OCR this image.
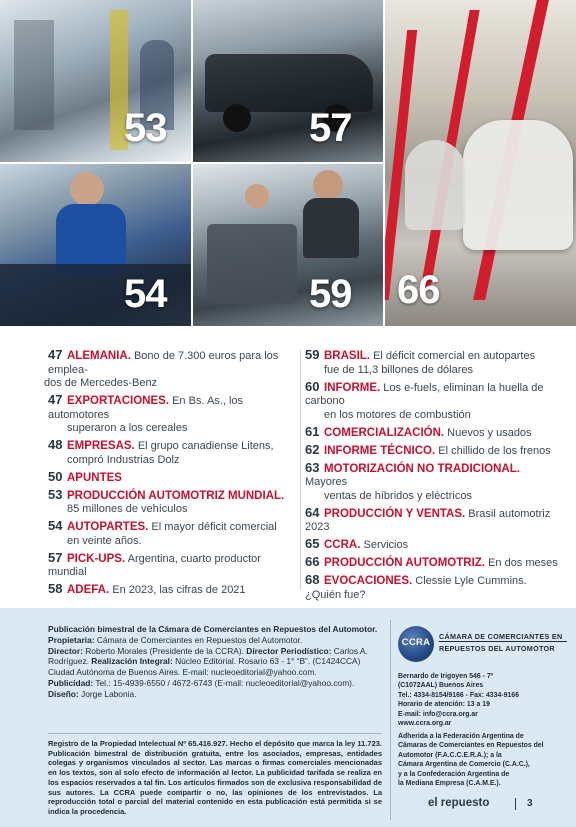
53	57
66
54	59
47 ALEMANIA. Bono de 7.300 euros para los emplea-
dos de Mercedes-Benz
47 EXPORTACIONES. En Bs. As., los automotores
superaron a los cereales
48 EMPRESAS. El grupo canadiense Litens,
compró Industrias Dolz
50 APUNTES
53 PRODUCCIÓN AUTOMOTRIZ MUNDIAL.
85 millones de vehículos
54 AUTOPARTES. El mayor déficit comercial
en veinte años.
57 PICK-UPS. Argentina, cuarto productor mundial
58 ADEFA. En 2023, las cifras de 2021
59 BRASIL. El déficit comercial en autopartes
fue de 11,3 billones de dólares
60 INFORME. Los e-fuels, eliminan la huella de carbono
en los motores de combustión
61 COMERCIALIZACIÓN. Nuevos y usados
62 INFORME TÉCNICO. El chillido de los frenos
63 MOTORIZACIÓN NO TRADICIONAL. Mayores
ventas de híbridos y eléctricos
64 PRODUCCIÓN Y VENTAS. Brasil automotriz 2023
65 CCRA. Servicios
66 PRODUCCIÓN AUTOMOTRIZ. En dos meses
68 EVOCACIONES. Clessie Lyle Cummins. ¿Quién fue?
Publicación bimestral de la Cámara de Comerciantes en Repuestos del Automotor.
Propietaria: Cámara de Comerciantes en Repuestos del Automotor.
Director: Roberto Morales (Presidente de la CCRA). Director Periodístico: Carlos A.
Rodríguez. Realización Integral: Núcleo Editorial. Rosario 63 - 1° “B”. (C1424CCA)
Ciudad Autónoma de Buenos Aires. E-mail: nucleoeditorial@yahoo.com.
Publicidad: Tel.: 15-4939-6550 / 4672-6743 (E-mail: nucleoeditorial@yahoo.com).
Diseño: Jorge Labonia.
Registro de la Propiedad Intelectual Nº 65.416.927. Hecho el depósito que marca la ley 11.723. Publicación bimestral de distribución gratuita, entre los asociados, empresas, entidades colegas y organismos vinculados al sector. Las marcas o firmas comerciales mencionadas en los textos, son al solo efecto de información al lector. La publicidad tarifada se realiza en los espacios reservados a tal fin. Los artículos firmados son de exclusiva responsabilidad de sus autores. La CCRA puede compartir o no, las opiniones de los entrevistados. La reproducción total o parcial del material contenido en esta publicación está permitida si se indica la procedencia.
CCRA
CÁMARA DE COMERCIANTES EN
REPUESTOS DEL AUTOMOTOR
Bernardo de Irigoyen 546 - 7º
(C1072AAL) Buenos Aires
Tel.: 4334-8154/9166 - Fax: 4334-9166
Horario de atención: 13 a 19
E-mail: info@ccra.org.ar
www.ccra.org.ar
Adherida a la Federación Argentina de
Cámaras de Comerciantes en Repuestos del
Automotor (F.A.C.C.E.R.A.); a la
Cámara Argentina de Comercio (C.A.C.),
y a la Confederación Argentina de
la Mediana Empresa (C.A.M.E.).
el repuesto	3
